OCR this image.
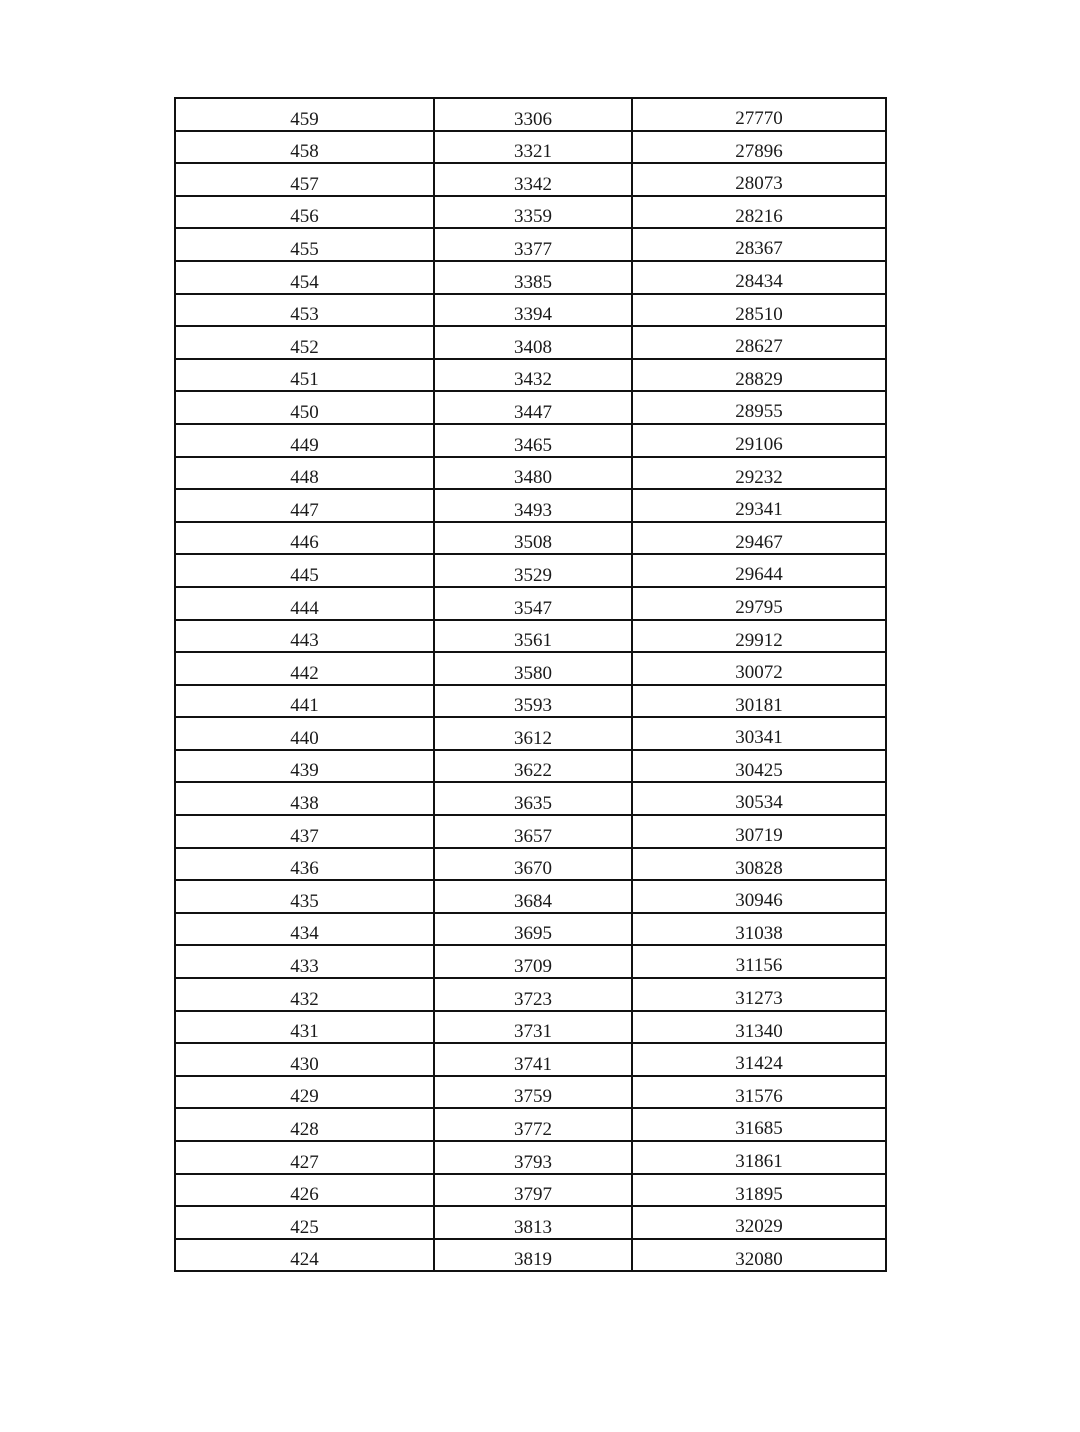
459	3306	27770
458	3321	27896
457	3342	28073
456	3359	28216
455	3377	28367
454	3385	28434
453	3394	28510
452	3408	28627
451	3432	28829
450	3447	28955
449	3465	29106
448	3480	29232
447	3493	29341
446	3508	29467
445	3529	29644
444	3547	29795
443	3561	29912
442	3580	30072
441	3593	30181
440	3612	30341
439	3622	30425
438	3635	30534
437	3657	30719
436	3670	30828
435	3684	30946
434	3695	31038
433	3709	31156
432	3723	31273
431	3731	31340
430	3741	31424
429	3759	31576
428	3772	31685
427	3793	31861
426	3797	31895
425	3813	32029
424	3819	32080
